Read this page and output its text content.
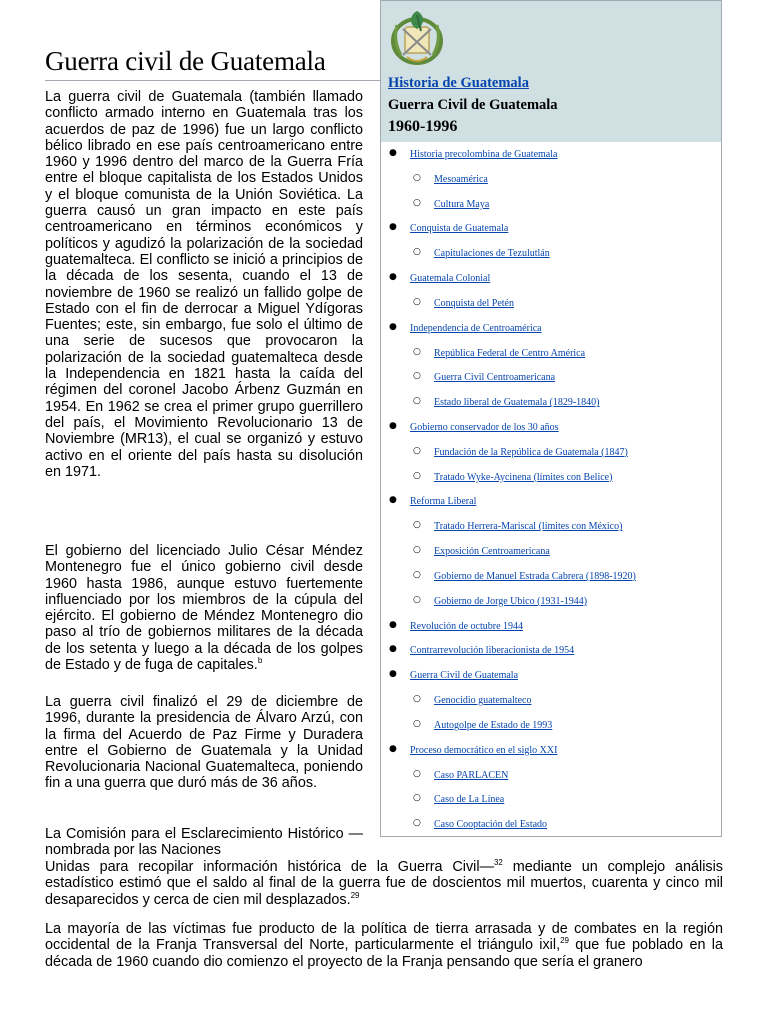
Guerra civil de Guatemala
Historia de Guatemala
Guerra Civil de Guatemala
1960-1996
● Historia precolombina de Guatemala
○ Mesoamérica
○ Cultura Maya
● Conquista de Guatemala
○ Capitulaciones de Tezulutlán
● Guatemala Colonial
○ Conquista del Petén
● Independencia de Centroamérica
○ República Federal de Centro América
○ Guerra Civil Centroamericana
○ Estado liberal de Guatemala (1829-1840)
● Gobierno conservador de los 30 años
○ Fundación de la República de Guatemala (1847)
○ Tratado Wyke-Aycinena (límites con Belice)
● Reforma Liberal
○ Tratado Herrera-Mariscal (límites con México)
○ Exposición Centroamericana
○ Gobierno de Manuel Estrada Cabrera (1898-1920)
○ Gobierno de Jorge Ubico (1931-1944)
● Revolución de octubre 1944
● Contrarrevolución liberacionista de 1954
● Guerra Civil de Guatemala
○ Genocidio guatemalteco
○ Autogolpe de Estado de 1993
● Proceso democrático en el siglo XXI
○ Caso PARLACEN
○ Caso de La Línea
○ Caso Cooptación del Estado

La guerra civil de Guatemala (también llamado conflicto armado interno en Guatemala tras los acuerdos de paz de 1996) fue un largo conflicto bélico librado en ese país centroamericano entre 1960 y 1996 dentro del marco de la Guerra Fría entre el bloque capitalista de los Estados Unidos y el bloque comunista de la Unión Soviética. La guerra causó un gran impacto en este país centroamericano en términos económicos y políticos y agudizó la polarización de la sociedad guatemalteca. El conflicto se inició a principios de la década de los sesenta, cuando el 13 de noviembre de 1960 se realizó un fallido golpe de Estado con el fin de derrocar a Miguel Ydígoras Fuentes; este, sin embargo, fue solo el último de una serie de sucesos que provocaron la polarización de la sociedad guatemalteca desde la Independencia en 1821 hasta la caída del régimen del coronel Jacobo Árbenz Guzmán en 1954. En 1962 se crea el primer grupo guerrillero del país, el Movimiento Revolucionario 13 de Noviembre (MR13), el cual se organizó y estuvo activo en el oriente del país hasta su disolución en 1971.

El gobierno del licenciado Julio César Méndez Montenegro fue el único gobierno civil desde 1960 hasta 1986, aunque estuvo fuertemente influenciado por los miembros de la cúpula del ejército. El gobierno de Méndez Montenegro dio paso al trío de gobiernos militares de la década de los setenta y luego a la década de los golpes de Estado y de fuga de capitales.$^b$

La guerra civil finalizó el 29 de diciembre de 1996, durante la presidencia de Álvaro Arzú, con la firma del Acuerdo de Paz Firme y Duradera entre el Gobierno de Guatemala y la Unidad Revolucionaria Nacional Guatemalteca, poniendo fin a una guerra que duró más de 36 años.

La Comisión para el Esclarecimiento Histórico —nombrada por las Naciones

Unidas para recopilar información histórica de la Guerra Civil—$^{32}$ mediante un complejo análisis estadístico estimó que el saldo al final de la guerra fue de doscientos mil muertos, cuarenta y cinco mil desaparecidos y cerca de cien mil desplazados.$^{29}$

La mayoría de las víctimas fue producto de la política de tierra arrasada y de combates en la región occidental de la Franja Transversal del Norte, particularmente el triángulo ixil,$^{29}$ que fue poblado en la década de 1960 cuando dio comienzo el proyecto de la Franja pensando que sería el granero
